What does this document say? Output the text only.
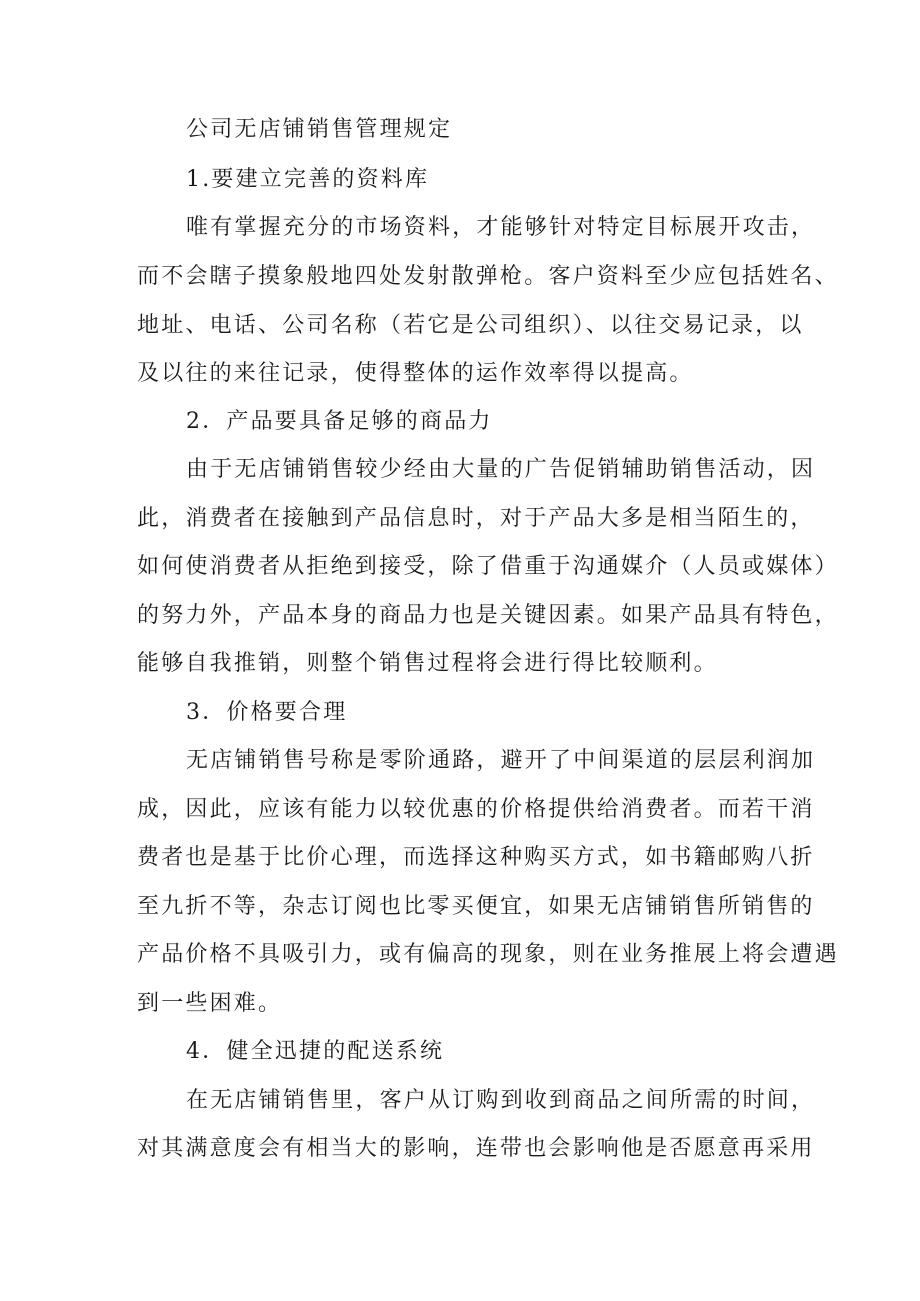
公司无店铺销售管理规定
1.要建立完善的资料库
唯有掌握充分的市场资料，才能够针对特定目标展开攻击，
而不会瞎子摸象般地四处发射散弹枪。客户资料至少应包括姓名、
地址、电话、公司名称（若它是公司组织）、以往交易记录，以
及以往的来往记录，使得整体的运作效率得以提高。
2．产品要具备足够的商品力
由于无店铺销售较少经由大量的广告促销辅助销售活动，因
此，消费者在接触到产品信息时，对于产品大多是相当陌生的，
如何使消费者从拒绝到接受，除了借重于沟通媒介（人员或媒体）
的努力外，产品本身的商品力也是关键因素。如果产品具有特色，
能够自我推销，则整个销售过程将会进行得比较顺利。
3．价格要合理
无店铺销售号称是零阶通路，避开了中间渠道的层层利润加
成，因此，应该有能力以较优惠的价格提供给消费者。而若干消
费者也是基于比价心理，而选择这种购买方式，如书籍邮购八折
至九折不等，杂志订阅也比零买便宜，如果无店铺销售所销售的
产品价格不具吸引力，或有偏高的现象，则在业务推展上将会遭遇
到一些困难。
4．健全迅捷的配送系统
在无店铺销售里，客户从订购到收到商品之间所需的时间，
对其满意度会有相当大的影响，连带也会影响他是否愿意再采用
